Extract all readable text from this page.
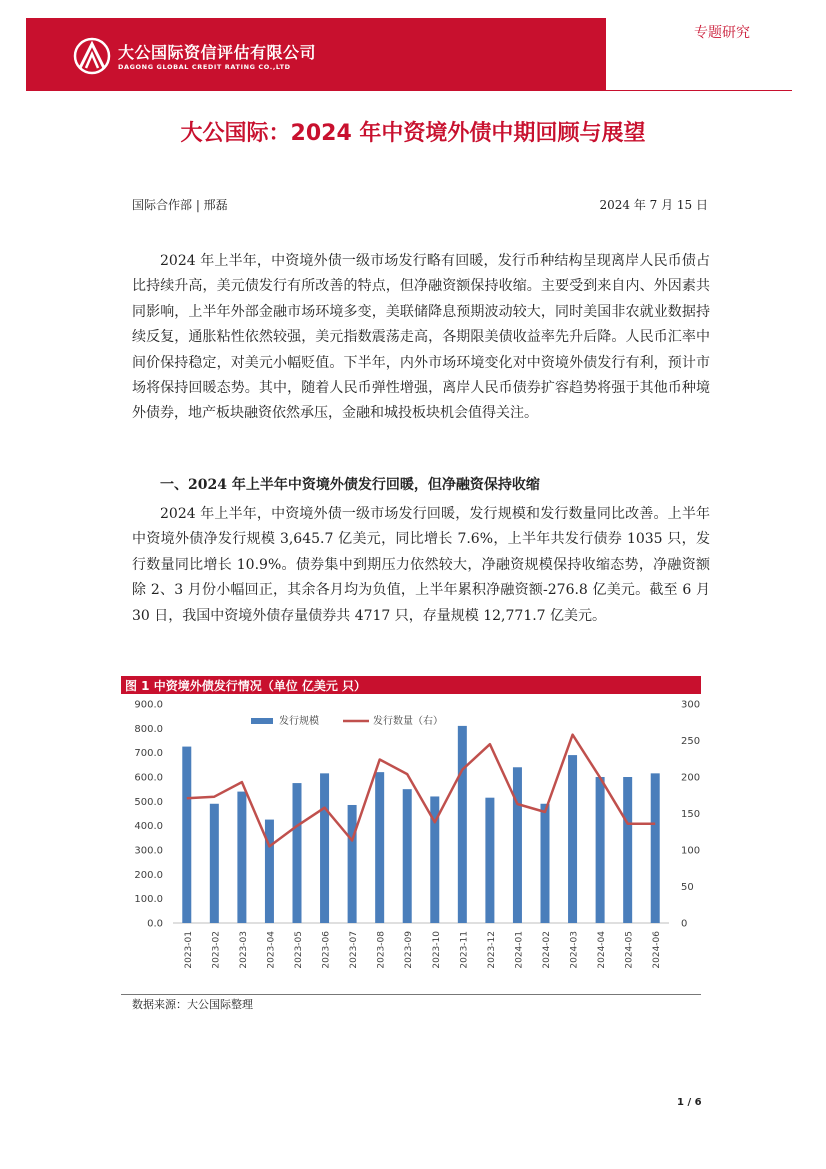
大公国际资信评估有限公司
DAGONG GLOBAL CREDIT RATING CO.,LTD
专题研究
大公国际：2024 年中资境外债中期回顾与展望
国际合作部 | 邢磊	2024 年 7 月 15 日

2024 年上半年，中资境外债一级市场发行略有回暖，发行币种结构呈现离岸人民币债占比持续升高，美元债发行有所改善的特点，但净融资额保持收缩。主要受到来自内、外因素共同影响，上半年外部金融市场环境多变，美联储降息预期波动较大，同时美国非农就业数据持续反复，通胀粘性依然较强，美元指数震荡走高，各期限美债收益率先升后降。人民币汇率中间价保持稳定，对美元小幅贬值。下半年，内外市场环境变化对中资境外债发行有利，预计市场将保持回暖态势。其中，随着人民币弹性增强，离岸人民币债券扩容趋势将强于其他币种境外债券，地产板块融资依然承压，金融和城投板块机会值得关注。

一、2024 年上半年中资境外债发行回暖，但净融资保持收缩

2024 年上半年，中资境外债一级市场发行回暖，发行规模和发行数量同比改善。上半年中资境外债净发行规模 3,645.7 亿美元，同比增长 7.6%，上半年共发行债券 1035 只，发行数量同比增长 10.9%。债券集中到期压力依然较大，净融资规模保持收缩态势，净融资额除 2、3 月份小幅回正，其余各月均为负值，上半年累积净融资额-276.8 亿美元。截至 6 月 30 日，我国中资境外债存量债券共 4717 只，存量规模 12,771.7 亿美元。

图 1 中资境外债发行情况（单位 亿美元 只）
0.0
100.0
200.0
300.0
400.0
500.0
600.0
700.0
800.0
900.0
0
50
100
150
200
250
300
2023-01 2023-02 2023-03 2023-04 2023-05 2023-06 2023-07 2023-08 2023-09 2023-10 2023-11 2023-12 2024-01 2024-02 2024-03 2024-04 2024-05 2024-06
发行规模	发行数量（右）
数据来源：大公国际整理
1 / 6
